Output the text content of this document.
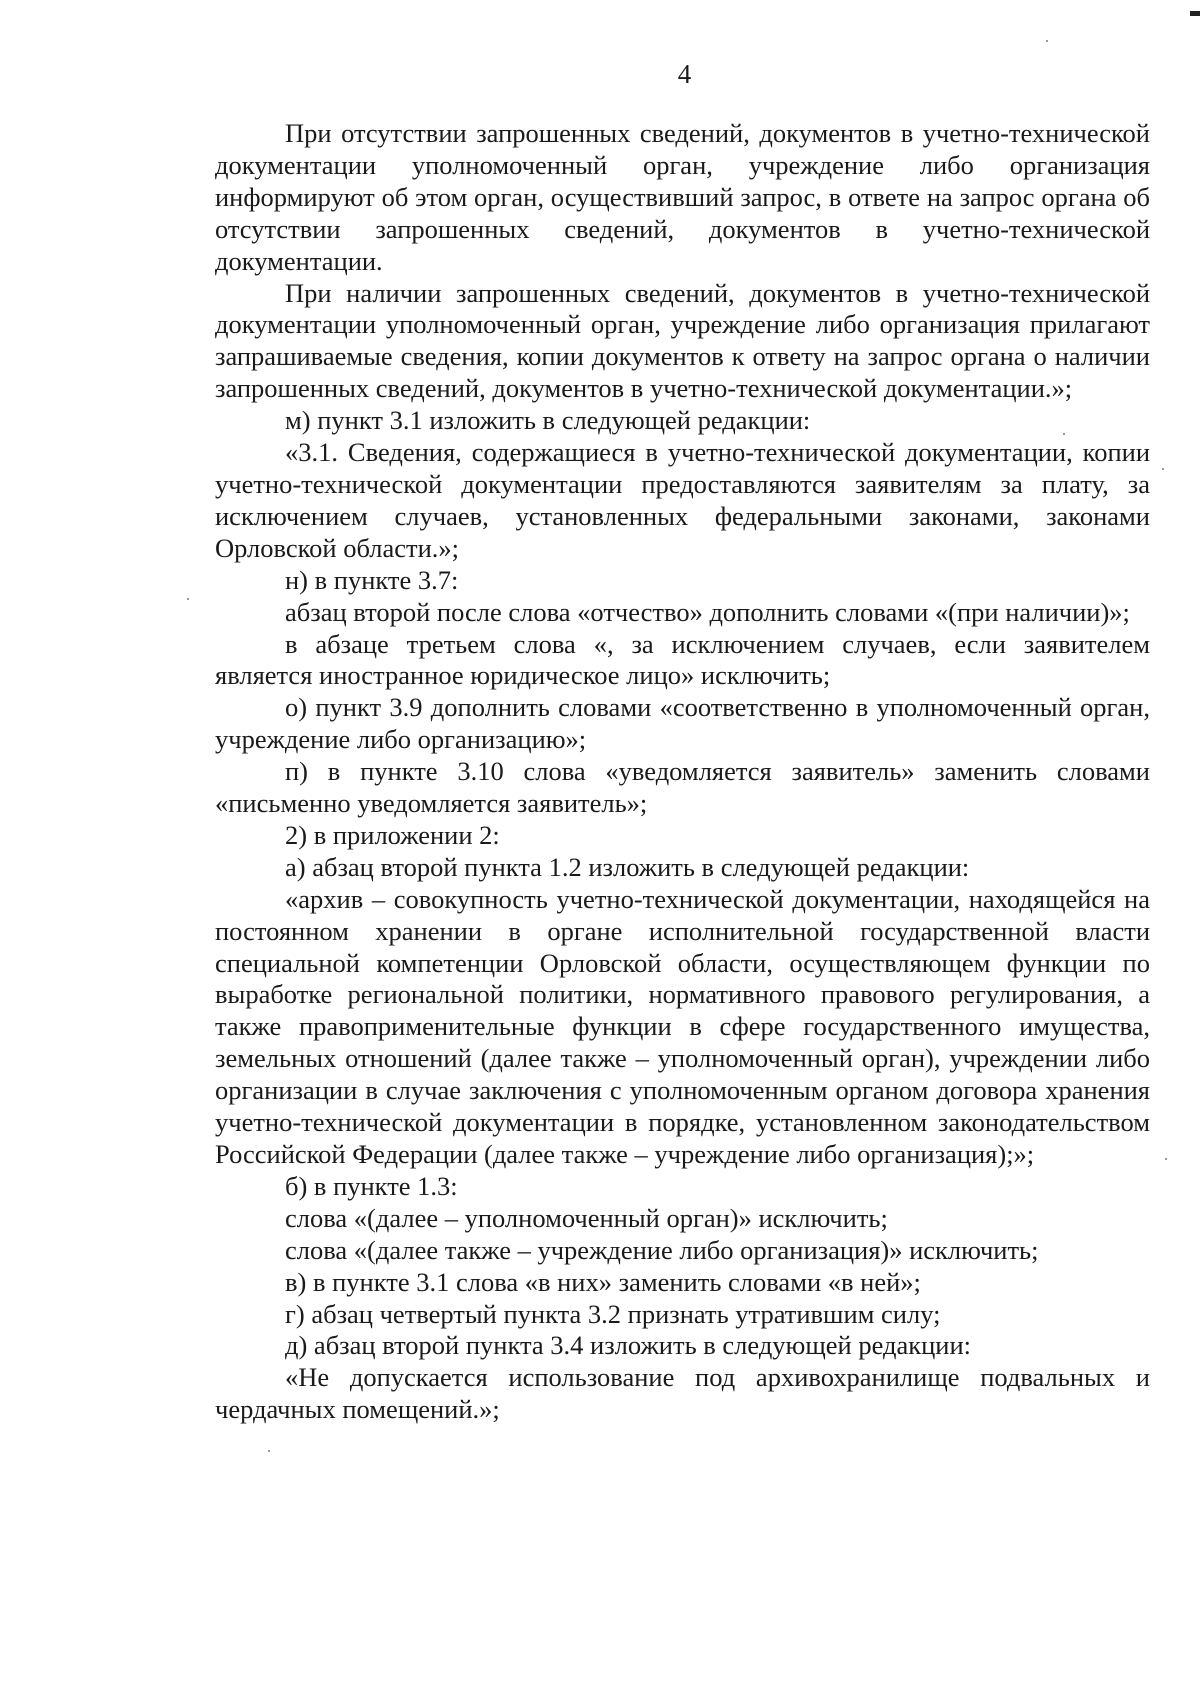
4

При отсутствии запрошенных сведений, документов в учетно-технической документации уполномоченный орган, учреждение либо организация информируют об этом орган, осуществивший запрос, в ответе на запрос органа об отсутствии запрошенных сведений, документов в учетно-технической документации.

При наличии запрошенных сведений, документов в учетно-технической документации уполномоченный орган, учреждение либо организация прилагают запрашиваемые сведения, копии документов к ответу на запрос органа о наличии запрошенных сведений, документов в учетно-технической документации.»;

м) пункт 3.1 изложить в следующей редакции:

«3.1. Сведения, содержащиеся в учетно-технической документации, копии учетно-технической документации предоставляются заявителям за плату, за исключением случаев, установленных федеральными законами, законами Орловской области.»;

н) в пункте 3.7:

абзац второй после слова «отчество» дополнить словами «(при наличии)»;

в абзаце третьем слова «, за исключением случаев, если заявителем является иностранное юридическое лицо» исключить;

о) пункт 3.9 дополнить словами «соответственно в уполномоченный орган, учреждение либо организацию»;

п) в пункте 3.10 слова «уведомляется заявитель» заменить словами «письменно уведомляется заявитель»;

2) в приложении 2:

а) абзац второй пункта 1.2 изложить в следующей редакции:

«архив – совокупность учетно-технической документации, находящейся на постоянном хранении в органе исполнительной государственной власти специальной компетенции Орловской области, осуществляющем функции по выработке региональной политики, нормативного правового регулирования, а также правоприменительные функции в сфере государственного имущества, земельных отношений (далее также – уполномоченный орган), учреждении либо организации в случае заключения с уполномоченным органом договора хранения учетно-технической документации в порядке, установленном законодательством Российской Федерации (далее также – учреждение либо организация);»;

б) в пункте 1.3:

слова «(далее – уполномоченный орган)» исключить;

слова «(далее также – учреждение либо организация)» исключить;

в) в пункте 3.1 слова «в них» заменить словами «в ней»;

г) абзац четвертый пункта 3.2 признать утратившим силу;

д) абзац второй пункта 3.4 изложить в следующей редакции:

«Не допускается использование под архивохранилище подвальных и чердачных помещений.»;
